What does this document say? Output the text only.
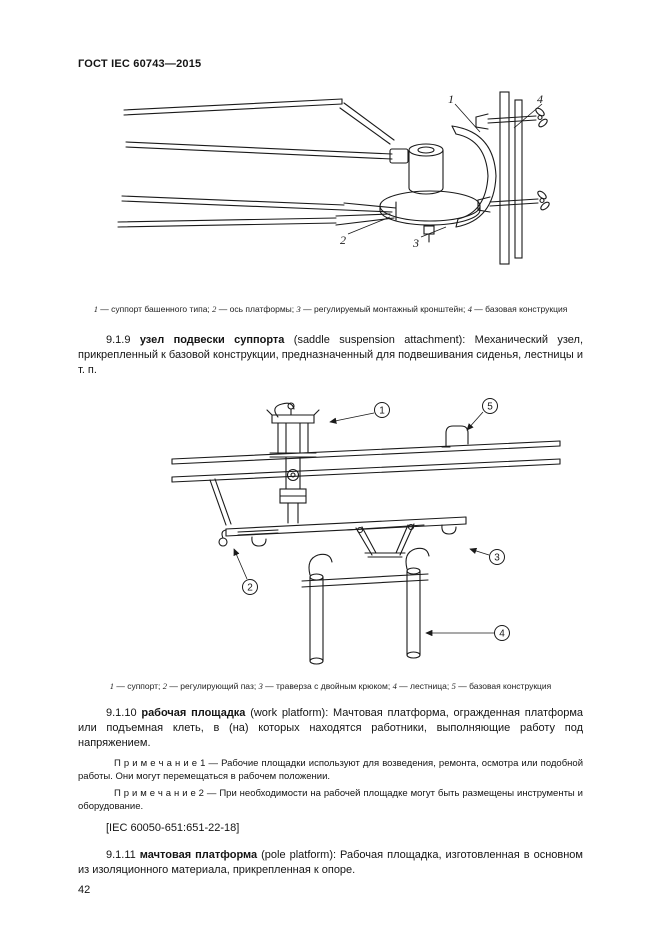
ГОСТ IEC 60743—2015
1	4
2	3

1 — суппорт башенного типа; 2 — ось платформы; 3 — регулируемый монтажный кронштейн; 4 — базовая конструкция

9.1.9 узел подвески суппорта (saddle suspension attachment): Механический узел, прикрепленный к базовой конструкции, предназначенный для подвешивания сиденья, лестницы и т. п.

1	5
3
2
4

1 — суппорт; 2 — регулирующий паз; 3 — траверза с двойным крюком; 4 — лестница; 5 — базовая конструкция

9.1.10 рабочая площадка (work platform): Мачтовая платформа, огражденная платформа или подъемная клеть, в (на) которых находятся работники, выполняющие работу под напряжением.

П р и м е ч а н и е 1 — Рабочие площадки используют для возведения, ремонта, осмотра или подобной работы. Они могут перемещаться в рабочем положении.

П р и м е ч а н и е 2 — При необходимости на рабочей площадке могут быть размещены инструменты и оборудование.

[IEC 60050-651:651-22-18]

9.1.11 мачтовая платформа (pole platform): Рабочая площадка, изготовленная в основном из изоляционного материала, прикрепленная к опоре.

42
